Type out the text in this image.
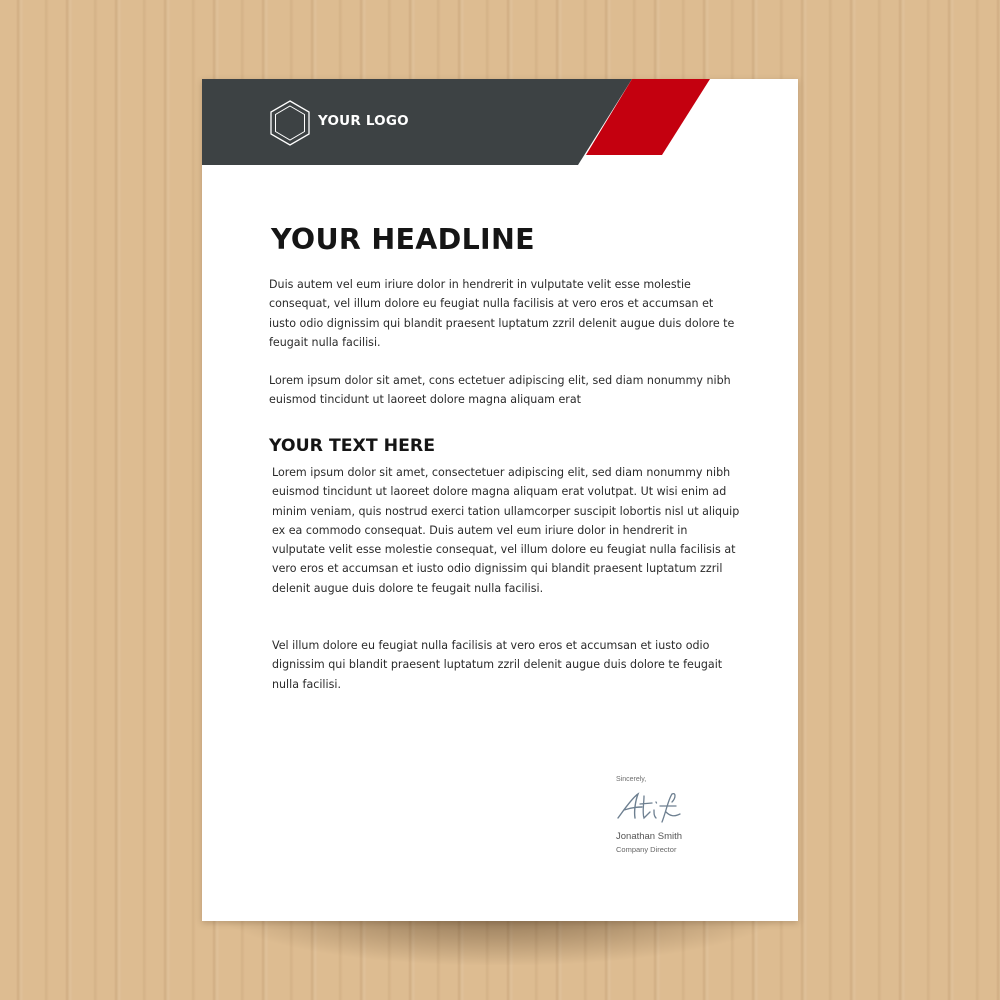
YOUR LOGO
YOUR HEADLINE

Duis autem vel eum iriure dolor in hendrerit in vulputate velit esse molestie consequat, vel illum dolore eu feugiat nulla facilisis at vero eros et accumsan et iusto odio dignissim qui blandit praesent luptatum zzril delenit augue duis dolore te feugait nulla facilisi.

Lorem ipsum dolor sit amet, cons ectetuer adipiscing elit, sed diam nonummy nibh euismod tincidunt ut laoreet dolore magna aliquam erat

YOUR TEXT HERE

Lorem ipsum dolor sit amet, consectetuer adipiscing elit, sed diam nonummy nibh euismod tincidunt ut laoreet dolore magna aliquam erat volutpat. Ut wisi enim ad minim veniam, quis nostrud exerci tation ullamcorper suscipit lobortis nisl ut aliquip ex ea commodo consequat. Duis autem vel eum iriure dolor in hendrerit in vulputate velit esse molestie consequat, vel illum dolore eu feugiat nulla facilisis at vero eros et accumsan et iusto odio dignissim qui blandit praesent luptatum zzril delenit augue duis dolore te feugait nulla facilisi.

Vel illum dolore eu feugiat nulla facilisis at vero eros et accumsan et iusto odio dignissim qui blandit praesent luptatum zzril delenit augue duis dolore te feugait nulla facilisi.

Sincerely,

Jonathan Smith

Company Director
